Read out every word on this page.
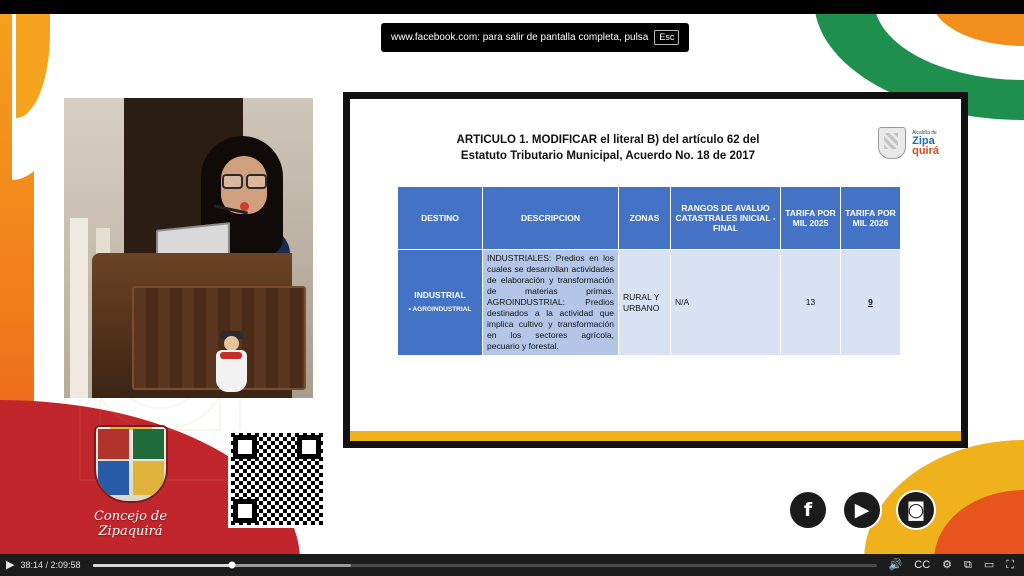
www.facebook.com: para salir de pantalla completa, pulsa	Esc
ARTICULO 1. MODIFICAR el literal B) del artículo 62 del
Estatuto Tributario Municipal, Acuerdo No. 18 de 2017
Alcaldía de
Zipa
quirá
DESTINO	DESCRIPCION	ZONAS	RANGOS DE AVALUO CATASTRALES INICIAL - FINAL	TARIFA POR MIL 2025	TARIFA POR MIL 2026
INDUSTRIAL
• AGROINDUSTRIAL	INDUSTRIALES: Predios en los cuales se desarrollan actividades de elaboración y transformación de materias primas. AGROINDUSTRIAL: Predios destinados a la actividad que implica cultivo y transformación en los sectores agrícola, pecuario y forestal.	RURAL Y URBANO	N/A	13	9
Concejo de
Zipaquirá
f	▶	◙
▶ 38:14 / 2:09:58	🔊 CC ⚙ ⧉ ▭ ⛶
